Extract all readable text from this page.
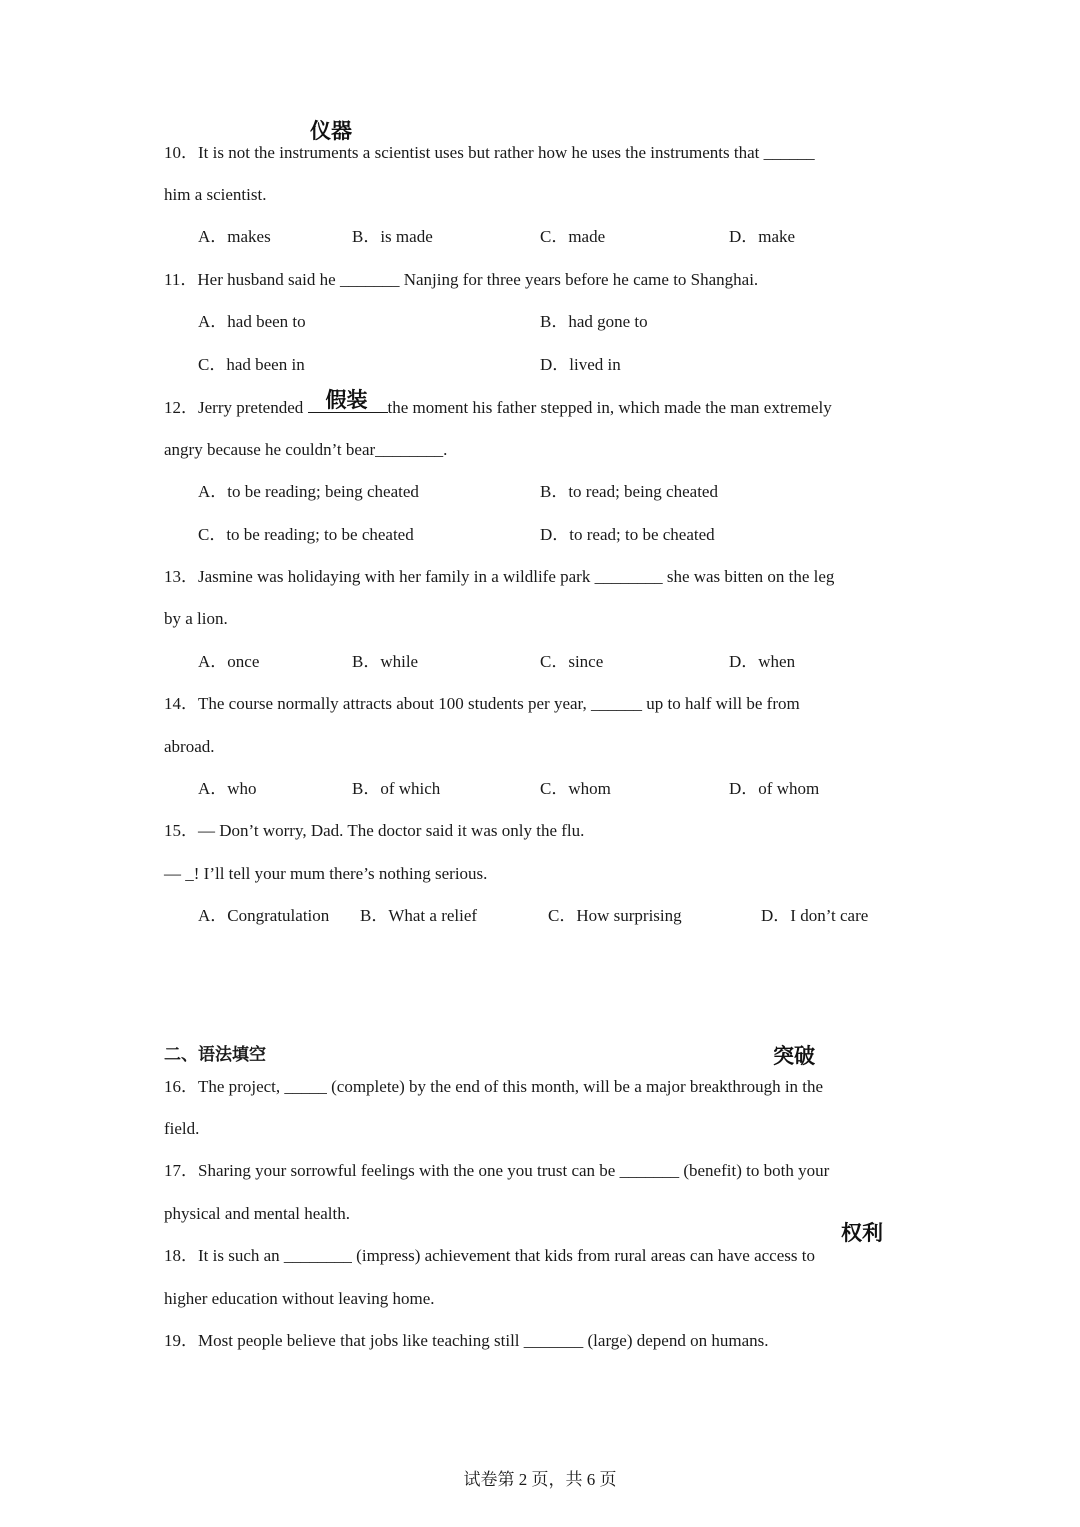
仪器
10．It is not the instruments a scientist uses but rather how he uses the instruments that ______
him a scientist.
A．makes	B．is made	C．made	D．make
11．Her husband said he _______ Nanjing for three years before he came to Shanghai.
A．had been to	B．had gone to
C．had been in	D．lived in
12．Jerry pretended 假装 the moment his father stepped in, which made the man extremely
angry because he couldn’t bear________.
A．to be reading; being cheated	B．to read; being cheated
C．to be reading; to be cheated	D．to read; to be cheated
13．Jasmine was holidaying with her family in a wildlife park ________ she was bitten on the leg
by a lion.
A．once	B．while	C．since	D．when
14．The course normally attracts about 100 students per year, ______ up to half will be from
abroad.
A．who	B．of which	C．whom	D．of whom
15．— Don’t worry, Dad. The doctor said it was only the flu.
— _! I’ll tell your mum there’s nothing serious.
A．Congratulation B．What a relief	C．How surprising	D．I don’t care
二、语法填空	突破
16．The project, _____ (complete) by the end of this month, will be a major breakthrough in the
field.
17．Sharing your sorrowful feelings with the one you trust can be _______ (benefit) to both your
physical and mental health.
权利
18．It is such an ________ (impress) achievement that kids from rural areas can have access to
higher education without leaving home.
19．Most people believe that jobs like teaching still _______ (large) depend on humans.
试卷第 2 页，共 6 页
